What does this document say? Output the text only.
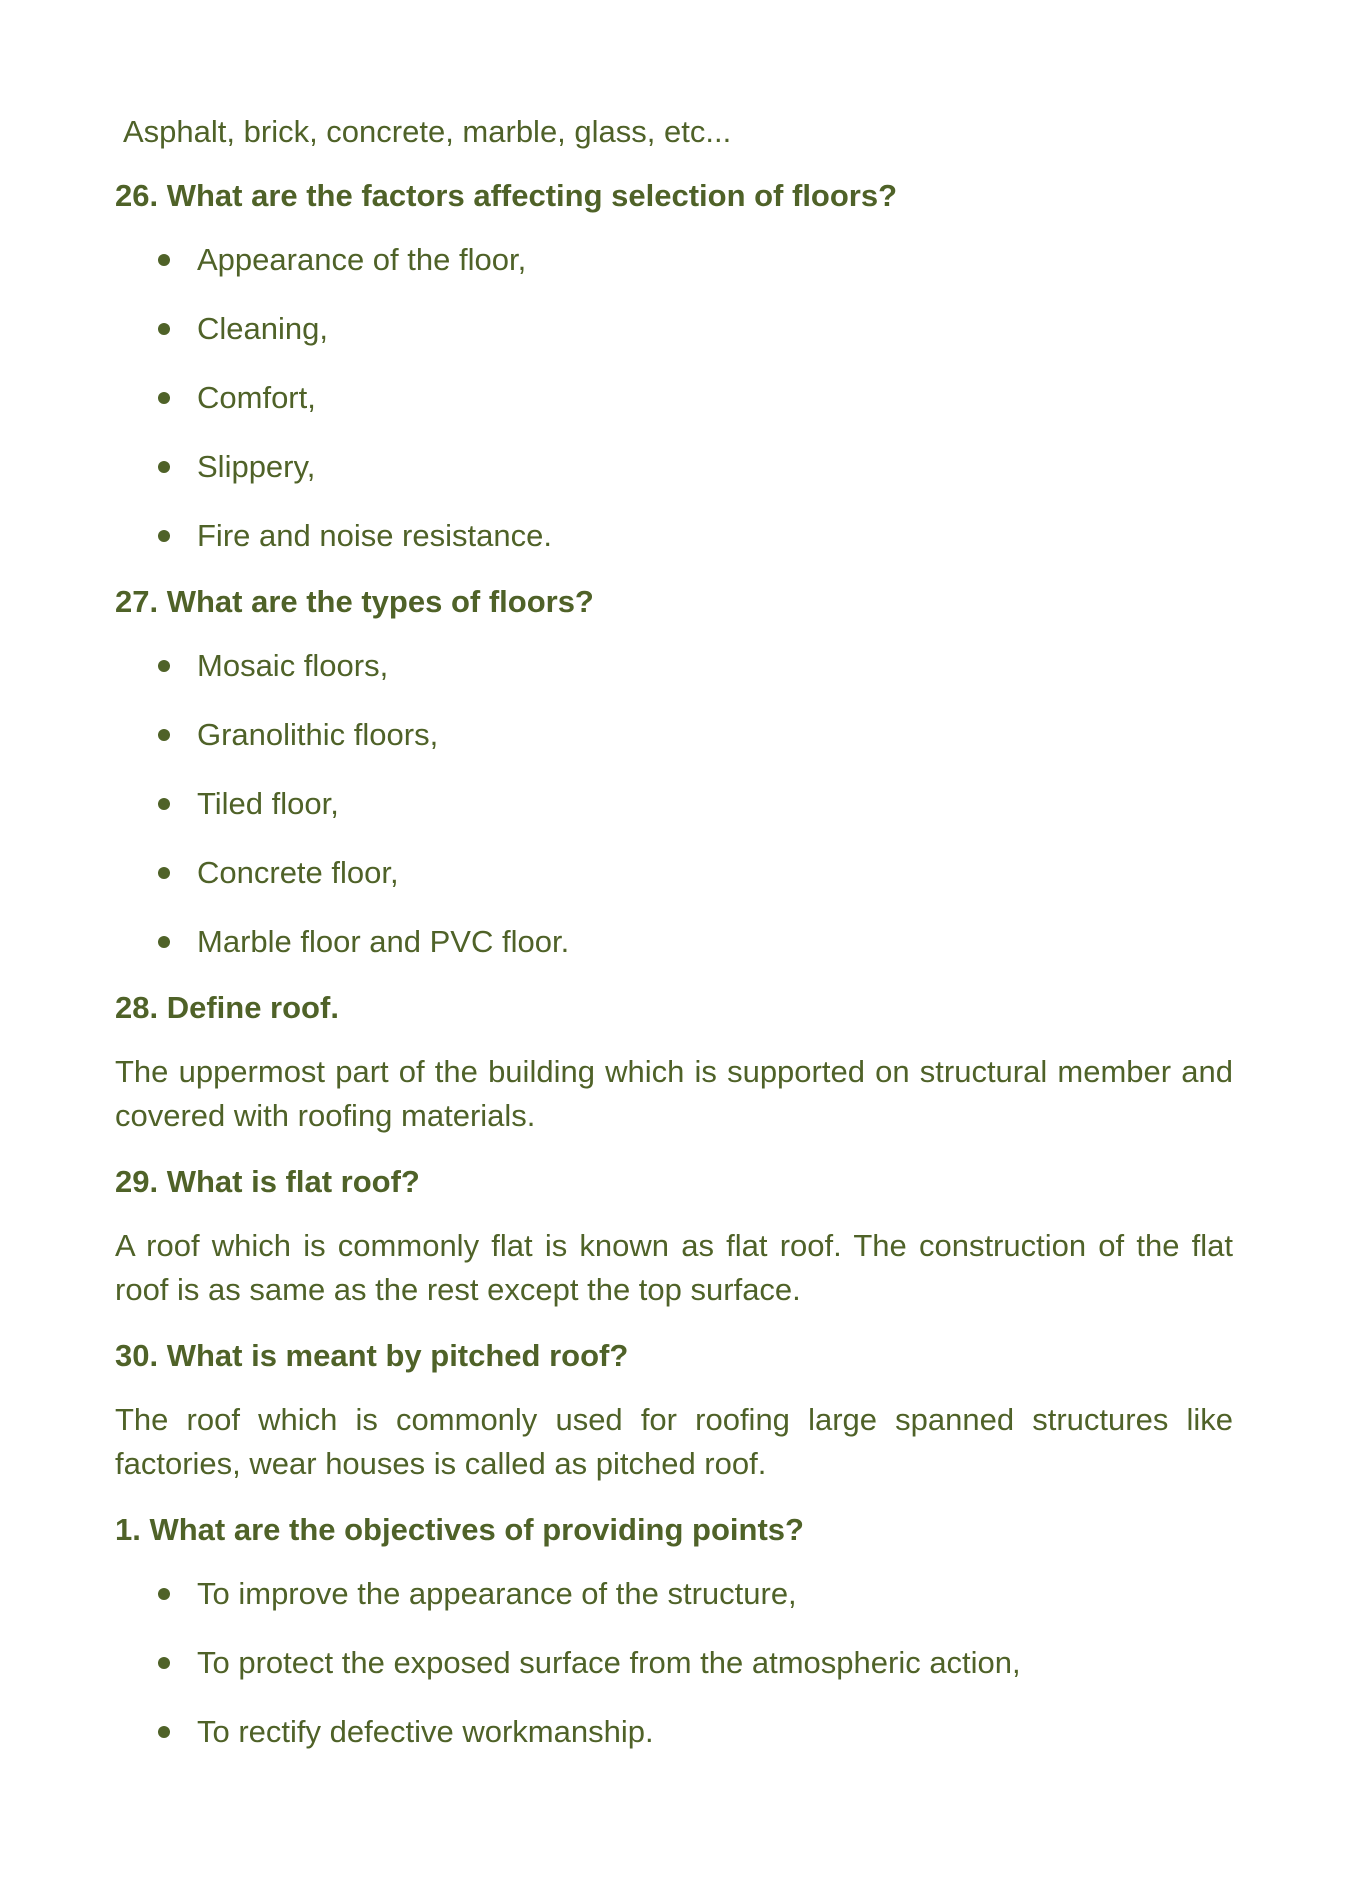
Asphalt, brick, concrete, marble, glass, etc...

26. What are the factors affecting selection of floors?

Appearance of the floor,
Cleaning,
Comfort,
Slippery,
Fire and noise resistance.

27. What are the types of floors?

Mosaic floors,
Granolithic floors,
Tiled floor,
Concrete floor,
Marble floor and PVC floor.

28. Define roof.

The uppermost part of the building which is supported on structural member and covered with roofing materials.

29. What is flat roof?

A roof which is commonly flat is known as flat roof. The construction of the flat roof is as same as the rest except the top surface.

30. What is meant by pitched roof?

The roof which is commonly used for roofing large spanned structures like factories, wear houses is called as pitched roof.

1. What are the objectives of providing points?

To improve the appearance of the structure,
To protect the exposed surface from the atmospheric action,
To rectify defective workmanship.
